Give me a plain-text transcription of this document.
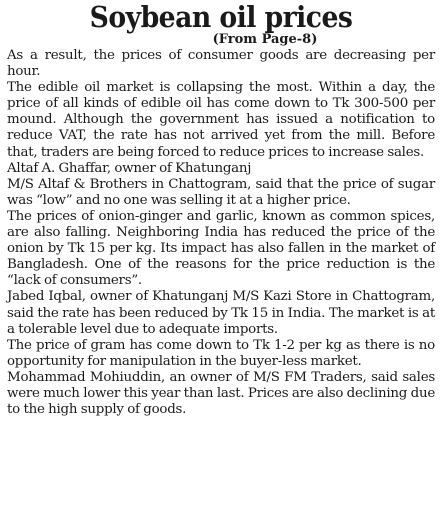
Soybean oil prices
(From Page-8)

As a result, the prices of consumer goods are decreasing per hour.

The edible oil market is collapsing the most. Within a day, the price of all kinds of edible oil has come down to Tk 300-500 per mound. Although the government has issued a notification to reduce VAT, the rate has not arrived yet from the mill. Before that, traders are being forced to reduce prices to increase sales.

Altaf A. Ghaffar, owner of Khatunganj

M/S Altaf & Brothers in Chattogram, said that the price of sugar was “low” and no one was selling it at a higher price.

The prices of onion-ginger and garlic, known as common spices, are also falling. Neighboring India has reduced the price of the onion by Tk 15 per kg. Its impact has also fallen in the market of Bangladesh. One of the reasons for the price reduction is the “lack of consumers”.

Jabed Iqbal, owner of Khatunganj M/S Kazi Store in Chattogram, said the rate has been reduced by Tk 15 in India. The market is at a tolerable level due to adequate imports.

The price of gram has come down to Tk 1-2 per kg as there is no opportunity for manipulation in the buyer-less market.

Mohammad Mohiuddin, an owner of M/S FM Traders, said sales were much lower this year than last. Prices are also declining due to the high supply of goods.
